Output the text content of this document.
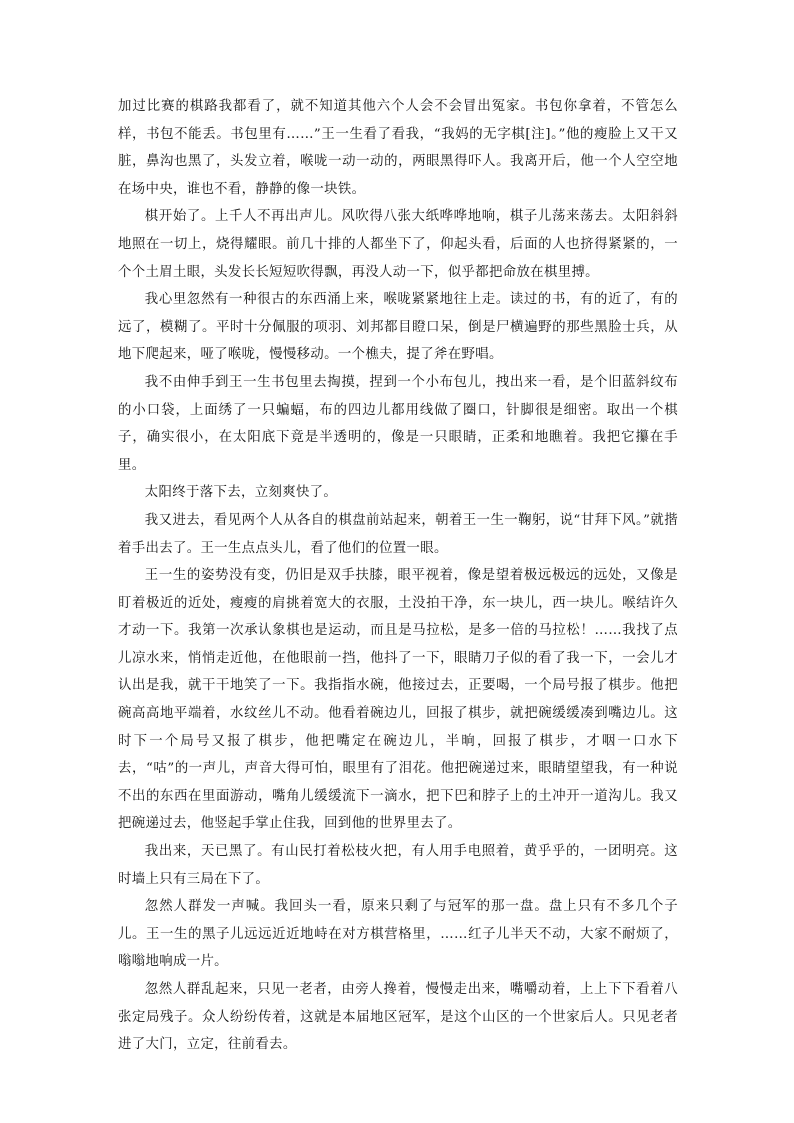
加过比赛的棋路我都看了，就不知道其他六个人会不会冒出冤家。书包你拿着，不管怎么样，书包不能丢。书包里有……”王一生看了看我，“我妈的无字棋[注]。”他的瘦脸上又干又脏，鼻沟也黑了，头发立着，喉咙一动一动的，两眼黑得吓人。我离开后，他一个人空空地在场中央，谁也不看，静静的像一块铁。

棋开始了。上千人不再出声儿。风吹得八张大纸哗哗地响，棋子儿荡来荡去。太阳斜斜地照在一切上，烧得耀眼。前几十排的人都坐下了，仰起头看，后面的人也挤得紧紧的，一个个土眉土眼，头发长长短短吹得飘，再没人动一下，似乎都把命放在棋里搏。

我心里忽然有一种很古的东西涌上来，喉咙紧紧地往上走。读过的书，有的近了，有的远了，模糊了。平时十分佩服的项羽、刘邦都目瞪口呆，倒是尸横遍野的那些黑脸士兵，从地下爬起来，哑了喉咙，慢慢移动。一个樵夫，提了斧在野唱。

我不由伸手到王一生书包里去掏摸，捏到一个小布包儿，拽出来一看，是个旧蓝斜纹布的小口袋，上面绣了一只蝙蝠，布的四边儿都用线做了圈口，针脚很是细密。取出一个棋子，确实很小，在太阳底下竟是半透明的，像是一只眼睛，正柔和地瞧着。我把它攥在手里。

太阳终于落下去，立刻爽快了。

我又进去，看见两个人从各自的棋盘前站起来，朝着王一生一鞠躬，说“甘拜下风。”就揩着手出去了。王一生点点头儿，看了他们的位置一眼。

王一生的姿势没有变，仍旧是双手扶膝，眼平视着，像是望着极远极远的远处，又像是盯着极近的近处，瘦瘦的肩挑着宽大的衣服，土没拍干净，东一块儿，西一块儿。喉结许久才动一下。我第一次承认象棋也是运动，而且是马拉松，是多一倍的马拉松！……我找了点儿凉水来，悄悄走近他，在他眼前一挡，他抖了一下，眼睛刀子似的看了我一下，一会儿才认出是我，就干干地笑了一下。我指指水碗，他接过去，正要喝，一个局号报了棋步。他把碗高高地平端着，水纹丝儿不动。他看着碗边儿，回报了棋步，就把碗缓缓凑到嘴边儿。这时下一个局号又报了棋步，他把嘴定在碗边儿，半晌，回报了棋步，才咽一口水下去，“咕”的一声儿，声音大得可怕，眼里有了泪花。他把碗递过来，眼睛望望我，有一种说不出的东西在里面游动，嘴角儿缓缓流下一滴水，把下巴和脖子上的土冲开一道沟儿。我又把碗递过去，他竖起手掌止住我，回到他的世界里去了。

我出来，天已黑了。有山民打着松枝火把，有人用手电照着，黄乎乎的，一团明亮。这时墙上只有三局在下了。

忽然人群发一声喊。我回头一看，原来只剩了与冠军的那一盘。盘上只有不多几个子儿。王一生的黑子儿远远近近地峙在对方棋营格里，……红子儿半天不动，大家不耐烦了，嗡嗡地响成一片。

忽然人群乱起来，只见一老者，由旁人搀着，慢慢走出来，嘴嚼动着，上上下下看着八张定局残子。众人纷纷传着，这就是本届地区冠军，是这个山区的一个世家后人。只见老者进了大门，立定，往前看去。
